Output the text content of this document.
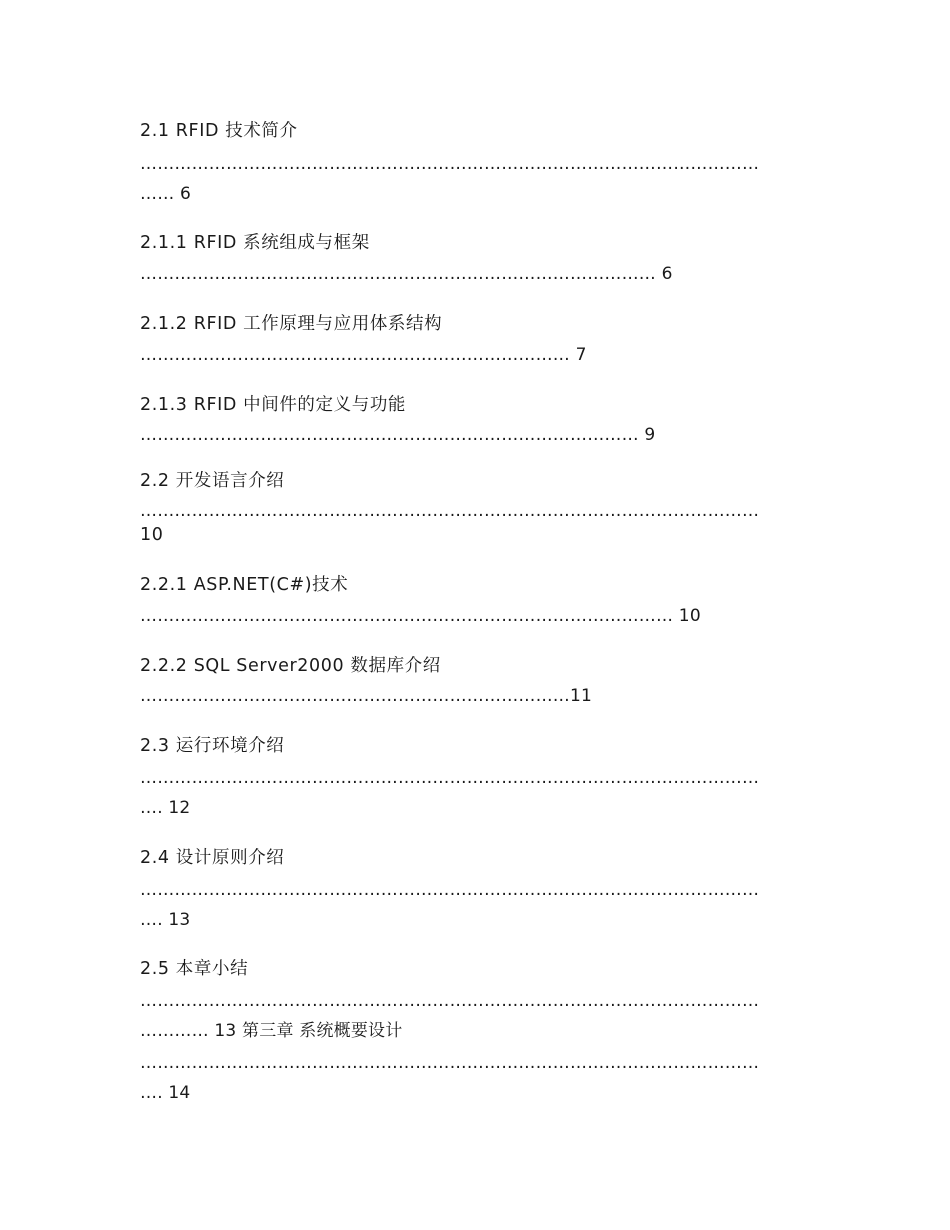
2.1 RFID 技术简介
………………………………………………………………………………………………
…… 6
2.1.1 RFID 系统组成与框架
……………………………………………………………………………… 6
2.1.2 RFID 工作原理与应用体系结构
………………………………………………………………… 7
2.1.3 RFID 中间件的定义与功能
…………………………………………………………………………… 9
2.2 开发语言介绍
………………………………………………………………………………………………
10
2.2.1 ASP.NET(C#)技术
………………………………………………………………………………… 10
2.2.2 SQL Server2000 数据库介绍
…………………………………………………………………11
2.3 运行环境介绍
………………………………………………………………………………………………
…. 12
2.4 设计原则介绍
………………………………………………………………………………………………
…. 13
2.5 本章小结
………………………………………………………………………………………………
………… 13 第三章 系统概要设计
………………………………………………………………………………………………
…. 14
